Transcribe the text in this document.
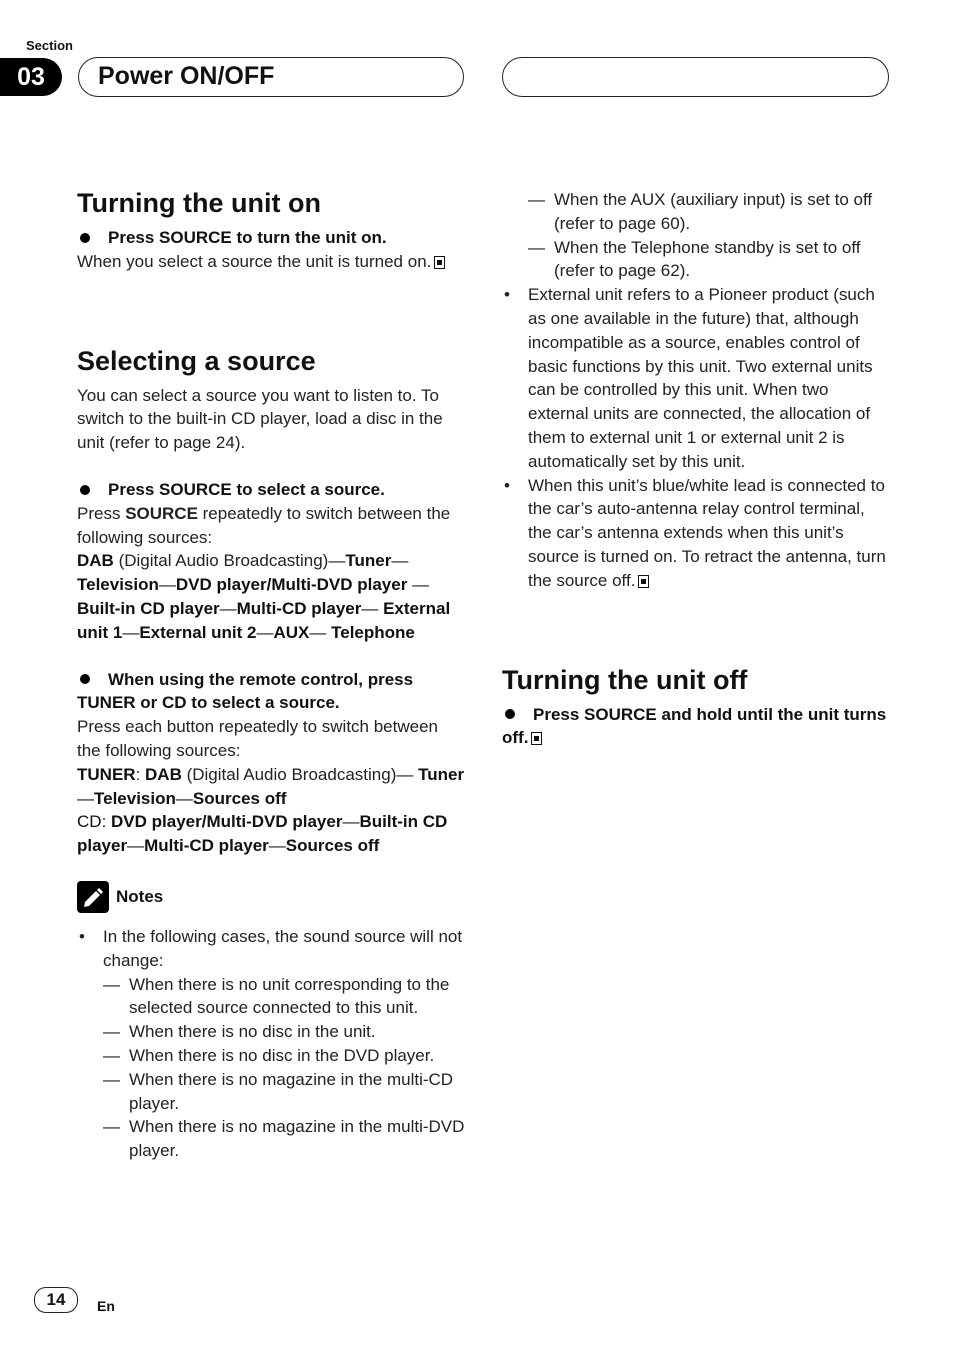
Section
03	Power ON/OFF
Turning the unit on

Press SOURCE to turn the unit on.

When you select a source the unit is turned on.

Selecting a source

You can select a source you want to listen to. To switch to the built-in CD player, load a disc in the unit (refer to page 24).

Press SOURCE to select a source.

Press SOURCE repeatedly to switch between the following sources:

DAB (Digital Audio Broadcasting)—Tuner—Television—DVD player/Multi-DVD player —Built-in CD player—Multi-CD player— External unit 1—External unit 2—AUX— Telephone

When using the remote control, press TUNER or CD to select a source.

Press each button repeatedly to switch between the following sources:

TUNER: DAB (Digital Audio Broadcasting)— Tuner—Television—Sources off

CD: DVD player/Multi-DVD player—Built-in CD player—Multi-CD player—Sources off

Notes

• In the following cases, the sound source will not change:

— When there is no unit corresponding to the selected source connected to this unit.

— When there is no disc in the unit.

— When there is no disc in the DVD player.

— When there is no magazine in the multi-CD player.

— When there is no magazine in the multi-DVD player.

— When the AUX (auxiliary input) is set to off (refer to page 60).

— When the Telephone standby is set to off (refer to page 62).

• External unit refers to a Pioneer product (such as one available in the future) that, although incompatible as a source, enables control of basic functions by this unit. Two external units can be controlled by this unit. When two external units are connected, the allocation of them to external unit 1 or external unit 2 is automatically set by this unit.

• When this unit’s blue/white lead is connected to the car’s auto-antenna relay control terminal, the car’s antenna extends when this unit’s source is turned on. To retract the antenna, turn the source off.

Turning the unit off

Press SOURCE and hold until the unit turns off.

14	En
